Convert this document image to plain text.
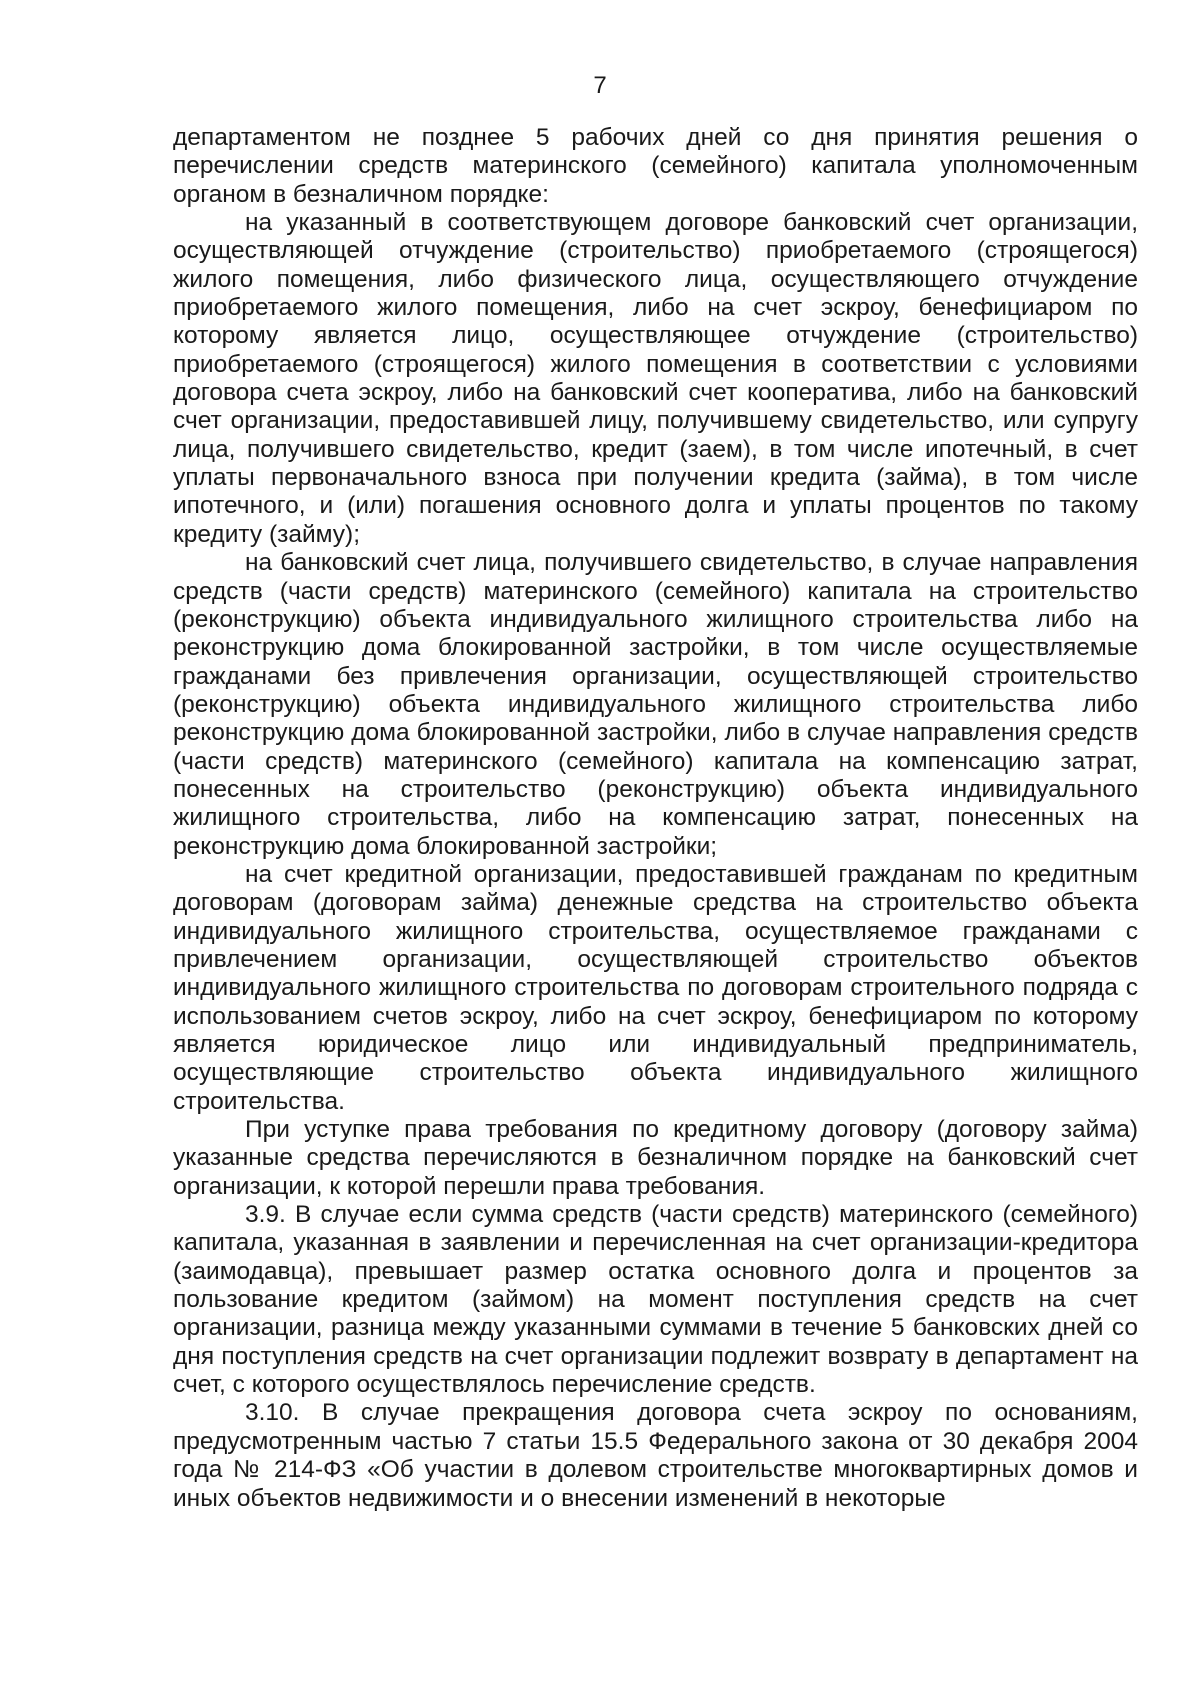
7

департаментом не позднее 5 рабочих дней со дня принятия решения о перечислении средств материнского (семейного) капитала уполномоченным органом в безналичном порядке:

на указанный в соответствующем договоре банковский счет организации, осуществляющей отчуждение (строительство) приобретаемого (строящегося) жилого помещения, либо физического лица, осуществляющего отчуждение приобретаемого жилого помещения, либо на счет эскроу, бенефициаром по которому является лицо, осуществляющее отчуждение (строительство) приобретаемого (строящегося) жилого помещения в соответствии с условиями договора счета эскроу, либо на банковский счет кооператива, либо на банковский счет организации, предоставившей лицу, получившему свидетельство, или супругу лица, получившего свидетельство, кредит (заем), в том числе ипотечный, в счет уплаты первоначального взноса при получении кредита (займа), в том числе ипотечного, и (или) погашения основного долга и уплаты процентов по такому кредиту (займу);

на банковский счет лица, получившего свидетельство, в случае направления средств (части средств) материнского (семейного) капитала на строительство (реконструкцию) объекта индивидуального жилищного строительства либо на реконструкцию дома блокированной застройки, в том числе осуществляемые гражданами без привлечения организации, осуществляющей строительство (реконструкцию) объекта индивидуального жилищного строительства либо реконструкцию дома блокированной застройки, либо в случае направления средств (части средств) материнского (семейного) капитала на компенсацию затрат, понесенных на строительство (реконструкцию) объекта индивидуального жилищного строительства, либо на компенсацию затрат, понесенных на реконструкцию дома блокированной застройки;

на счет кредитной организации, предоставившей гражданам по кредитным договорам (договорам займа) денежные средства на строительство объекта индивидуального жилищного строительства, осуществляемое гражданами с привлечением организации, осуществляющей строительство объектов индивидуального жилищного строительства по договорам строительного подряда с использованием счетов эскроу, либо на счет эскроу, бенефициаром по которому является юридическое лицо или индивидуальный предприниматель, осуществляющие строительство объекта индивидуального жилищного строительства.

При уступке права требования по кредитному договору (договору займа) указанные средства перечисляются в безналичном порядке на банковский счет организации, к которой перешли права требования.

3.9. В случае если сумма средств (части средств) материнского (семейного) капитала, указанная в заявлении и перечисленная на счет организации-кредитора (заимодавца), превышает размер остатка основного долга и процентов за пользование кредитом (займом) на момент поступления средств на счет организации, разница между указанными суммами в течение 5 банковских дней со дня поступления средств на счет организации подлежит возврату в департамент на счет, с которого осуществлялось перечисление средств.

3.10. В случае прекращения договора счета эскроу по основаниям, предусмотренным частью 7 статьи 15.5 Федерального закона от 30 декабря 2004 года № 214-ФЗ «Об участии в долевом строительстве многоквартирных домов и иных объектов недвижимости и о внесении изменений в некоторые
